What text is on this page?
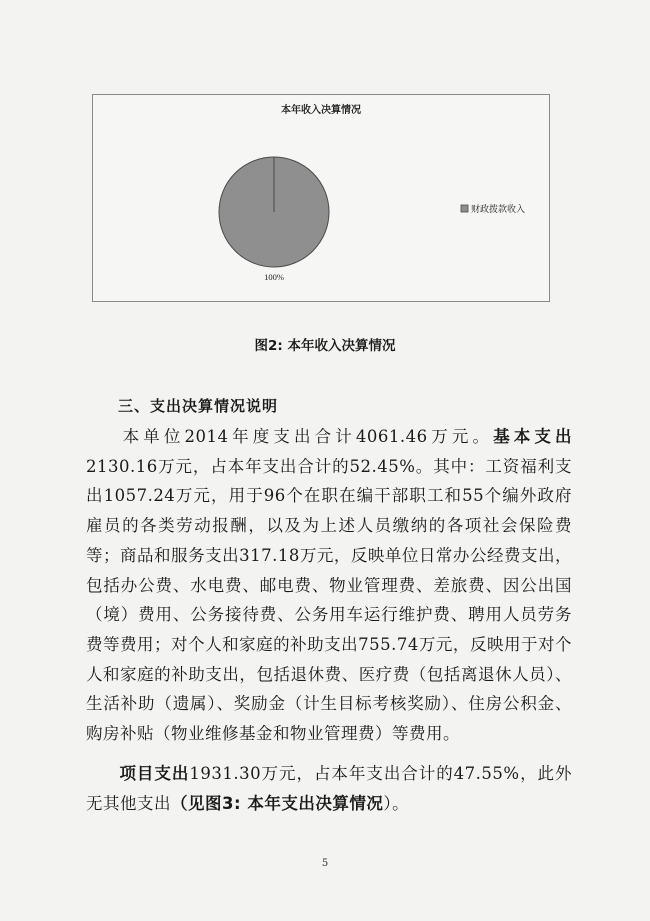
本年收入决算情况
100%
财政拨款收入
图2: 本年收入决算情况
三、支出决算情况说明
本单位2014年度支出合计4061.46万元。基本支出2130.16万元，占本年支出合计的52.45%。其中：工资福利支出1057.24万元，用于96个在职在编干部职工和55个编外政府雇员的各类劳动报酬，以及为上述人员缴纳的各项社会保险费等；商品和服务支出317.18万元，反映单位日常办公经费支出，包括办公费、水电费、邮电费、物业管理费、差旅费、因公出国（境）费用、公务接待费、公务用车运行维护费、聘用人员劳务费等费用；对个人和家庭的补助支出755.74万元，反映用于对个人和家庭的补助支出，包括退休费、医疗费（包括离退休人员）、生活补助（遗属）、奖励金（计生目标考核奖励）、住房公积金、购房补贴（物业维修基金和物业管理费）等费用。
项目支出1931.30万元，占本年支出合计的47.55%，此外无其他支出（见图3: 本年支出决算情况）。
5
